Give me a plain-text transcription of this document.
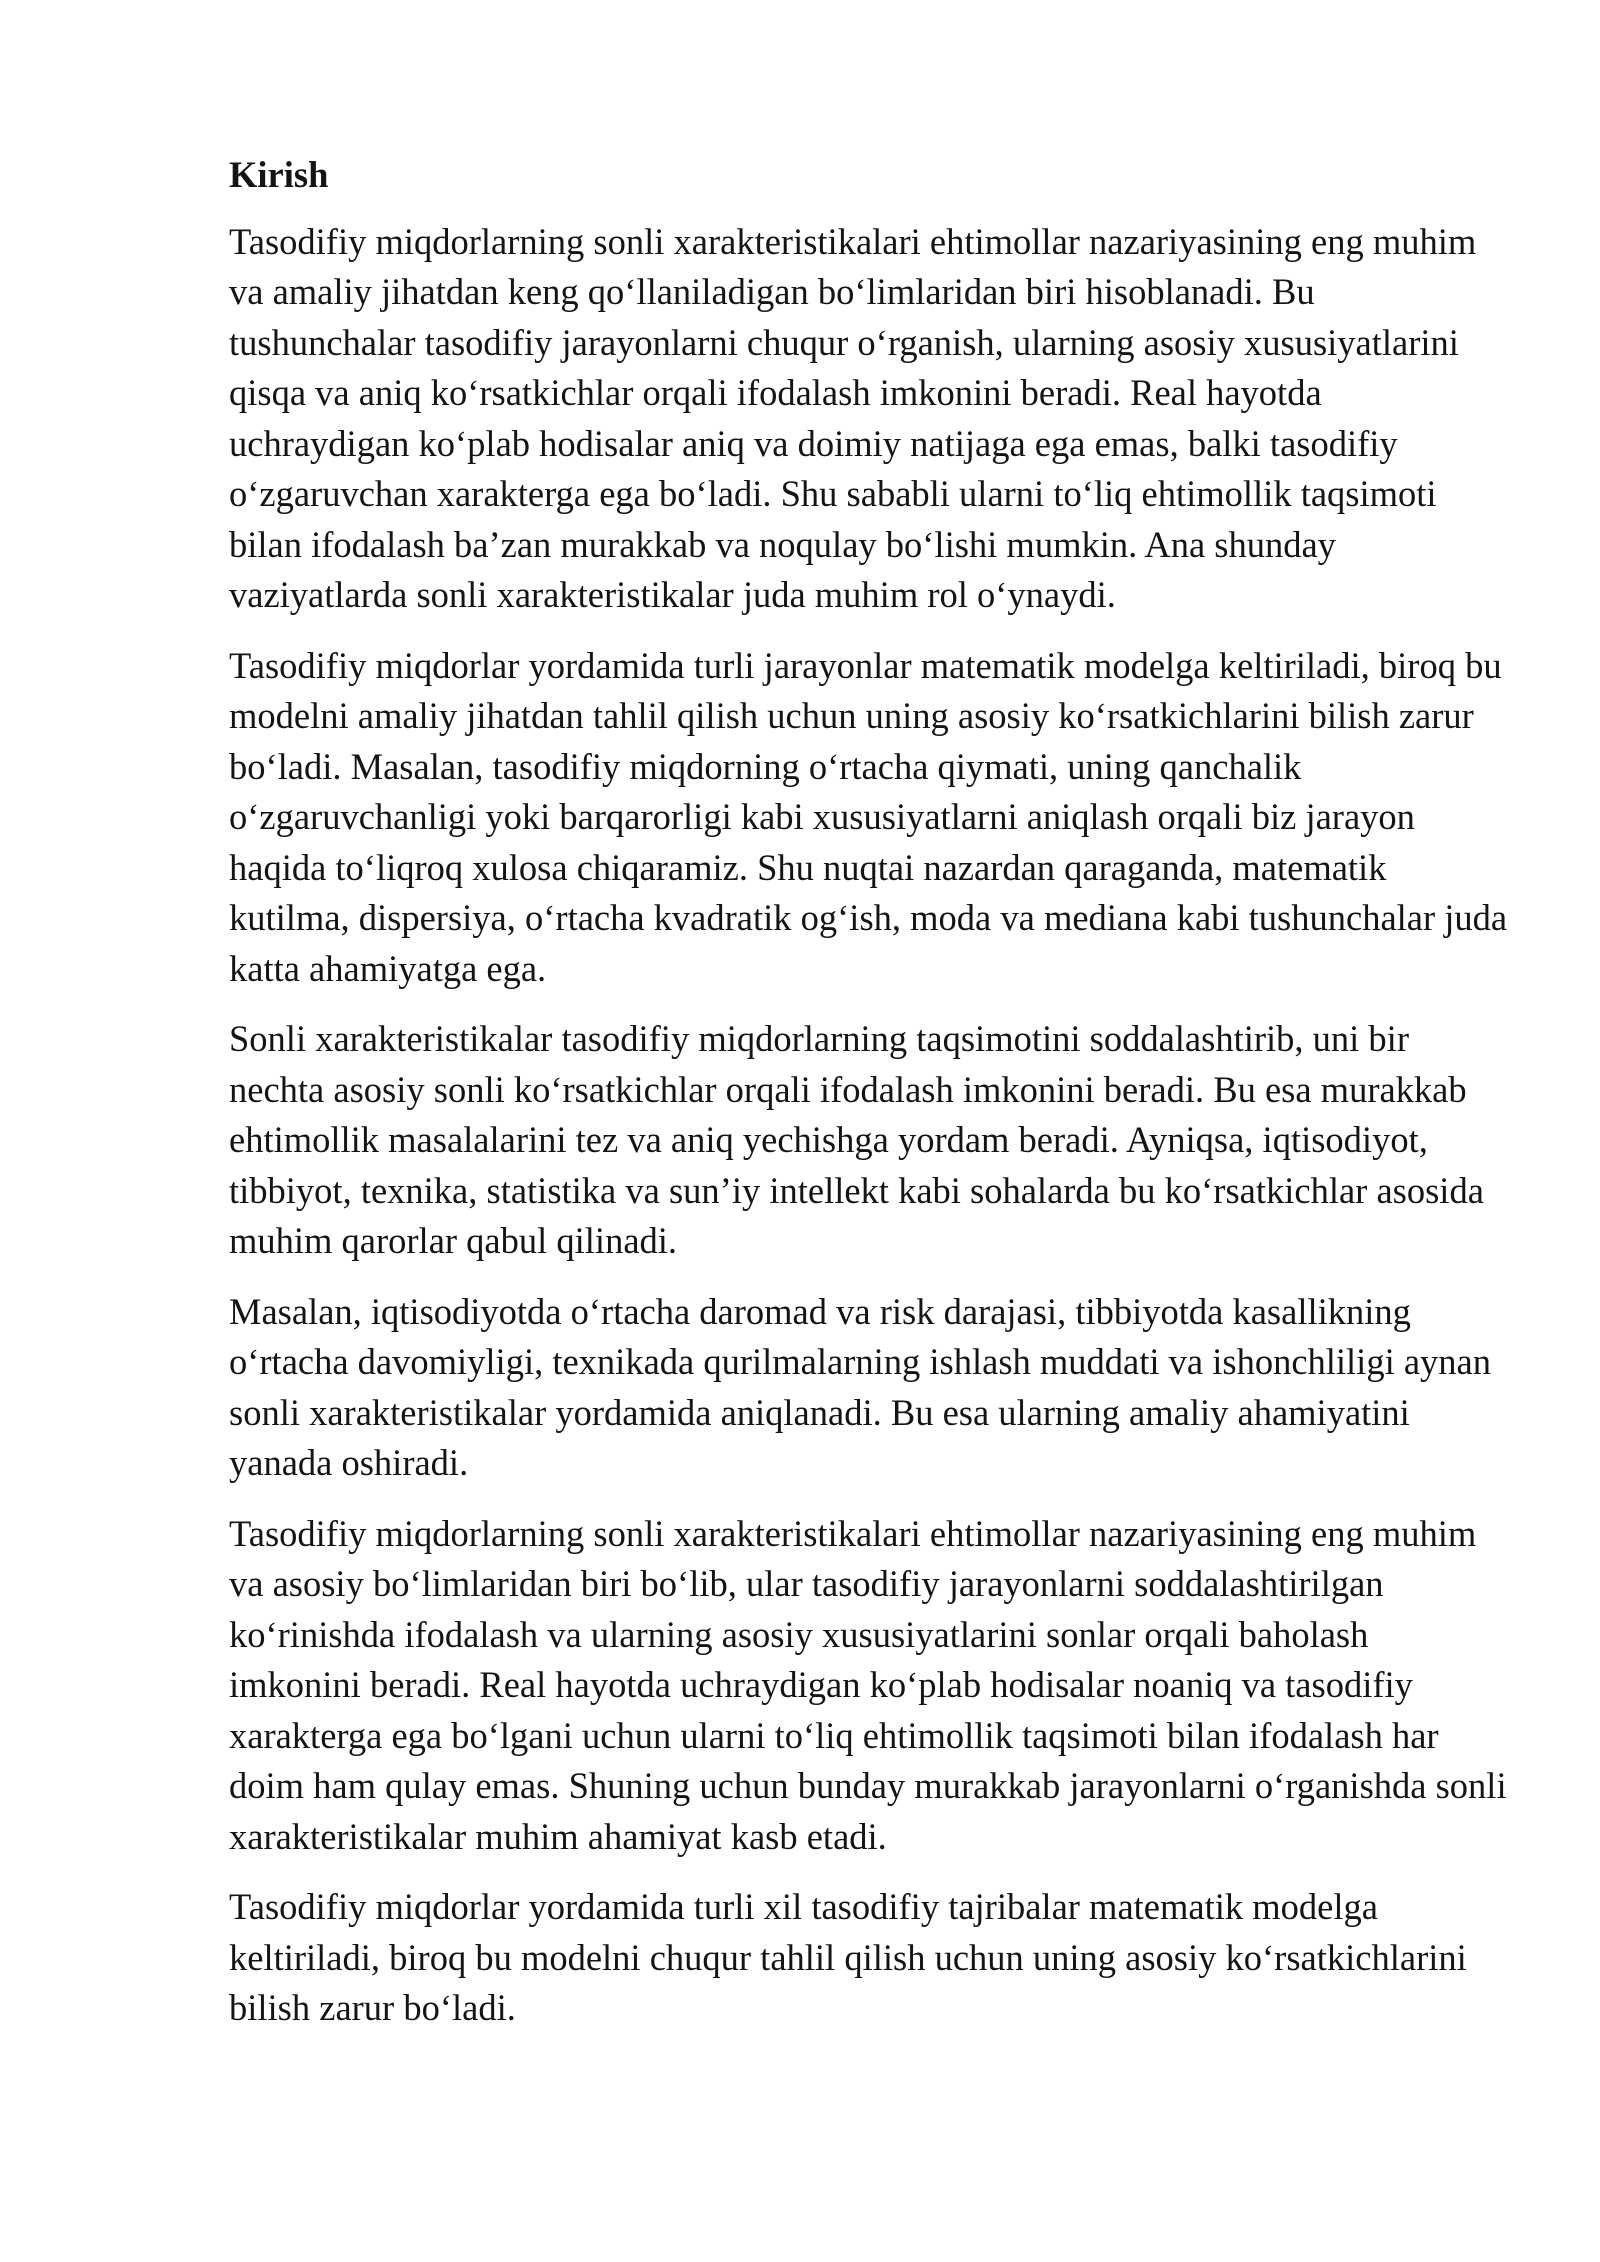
Kirish

Tasodifiy miqdorlarning sonli xarakteristikalari ehtimollar nazariyasining eng muhim va amaliy jihatdan keng qo‘llaniladigan bo‘limlaridan biri hisoblanadi. Bu tushunchalar tasodifiy jarayonlarni chuqur o‘rganish, ularning asosiy xususiyatlarini qisqa va aniq ko‘rsatkichlar orqali ifodalash imkonini beradi. Real hayotda uchraydigan ko‘plab hodisalar aniq va doimiy natijaga ega emas, balki tasodifiy o‘zgaruvchan xarakterga ega bo‘ladi. Shu sababli ularni to‘liq ehtimollik taqsimoti bilan ifodalash ba’zan murakkab va noqulay bo‘lishi mumkin. Ana shunday vaziyatlarda sonli xarakteristikalar juda muhim rol o‘ynaydi.

Tasodifiy miqdorlar yordamida turli jarayonlar matematik modelga keltiriladi, biroq bu modelni amaliy jihatdan tahlil qilish uchun uning asosiy ko‘rsatkichlarini bilish zarur bo‘ladi. Masalan, tasodifiy miqdorning o‘rtacha qiymati, uning qanchalik o‘zgaruvchanligi yoki barqarorligi kabi xususiyatlarni aniqlash orqali biz jarayon haqida to‘liqroq xulosa chiqaramiz. Shu nuqtai nazardan qaraganda, matematik kutilma, dispersiya, o‘rtacha kvadratik og‘ish, moda va mediana kabi tushunchalar juda katta ahamiyatga ega.

Sonli xarakteristikalar tasodifiy miqdorlarning taqsimotini soddalashtirib, uni bir nechta asosiy sonli ko‘rsatkichlar orqali ifodalash imkonini beradi. Bu esa murakkab ehtimollik masalalarini tez va aniq yechishga yordam beradi. Ayniqsa, iqtisodiyot, tibbiyot, texnika, statistika va sun’iy intellekt kabi sohalarda bu ko‘rsatkichlar asosida muhim qarorlar qabul qilinadi.

Masalan, iqtisodiyotda o‘rtacha daromad va risk darajasi, tibbiyotda kasallikning o‘rtacha davomiyligi, texnikada qurilmalarning ishlash muddati va ishonchliligi aynan sonli xarakteristikalar yordamida aniqlanadi. Bu esa ularning amaliy ahamiyatini yanada oshiradi.

Tasodifiy miqdorlarning sonli xarakteristikalari ehtimollar nazariyasining eng muhim va asosiy bo‘limlaridan biri bo‘lib, ular tasodifiy jarayonlarni soddalashtirilgan ko‘rinishda ifodalash va ularning asosiy xususiyatlarini sonlar orqali baholash imkonini beradi. Real hayotda uchraydigan ko‘plab hodisalar noaniq va tasodifiy xarakterga ega bo‘lgani uchun ularni to‘liq ehtimollik taqsimoti bilan ifodalash har doim ham qulay emas. Shuning uchun bunday murakkab jarayonlarni o‘rganishda sonli xarakteristikalar muhim ahamiyat kasb etadi.

Tasodifiy miqdorlar yordamida turli xil tasodifiy tajribalar matematik modelga keltiriladi, biroq bu modelni chuqur tahlil qilish uchun uning asosiy ko‘rsatkichlarini bilish zarur bo‘ladi.
